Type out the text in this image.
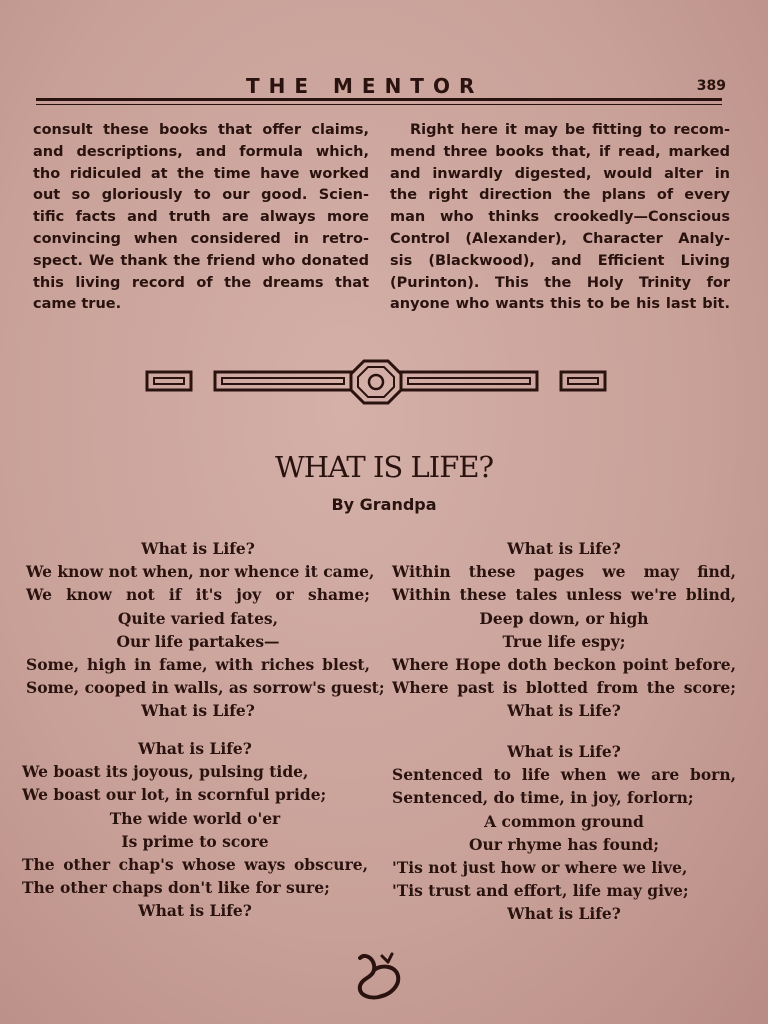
THE MENTOR	389
consult these books that offer claims,
and descriptions, and formula which,
tho ridiculed at the time have worked
out so gloriously to our good. Scien-
tific facts and truth are always more
convincing when considered in retro-
spect. We thank the friend who donated
this living record of the dreams that
came true.
Right here it may be fitting to recom-
mend three books that, if read, marked
and inwardly digested, would alter in
the right direction the plans of every
man who thinks crookedly—Conscious
Control (Alexander), Character Analy-
sis (Blackwood), and Efficient Living
(Purinton). This the Holy Trinity for
anyone who wants this to be his last bit.
WHAT IS LIFE?
By Grandpa
What is Life?
We know not when, nor whence it came,
We know not if it's joy or shame;
Quite varied fates,
Our life partakes—
Some, high in fame, with riches blest,
Some, cooped in walls, as sorrow's guest;
What is Life?
What is Life?
Within these pages we may find,
Within these tales unless we're blind,
Deep down, or high
True life espy;
Where Hope doth beckon point before,
Where past is blotted from the score;
What is Life?
What is Life?
We boast its joyous, pulsing tide,
We boast our lot, in scornful pride;
The wide world o'er
Is prime to score
The other chap's whose ways obscure,
The other chaps don't like for sure;
What is Life?
What is Life?
Sentenced to life when we are born,
Sentenced, do time, in joy, forlorn;
A common ground
Our rhyme has found;
'Tis not just how or where we live,
'Tis trust and effort, life may give;
What is Life?
